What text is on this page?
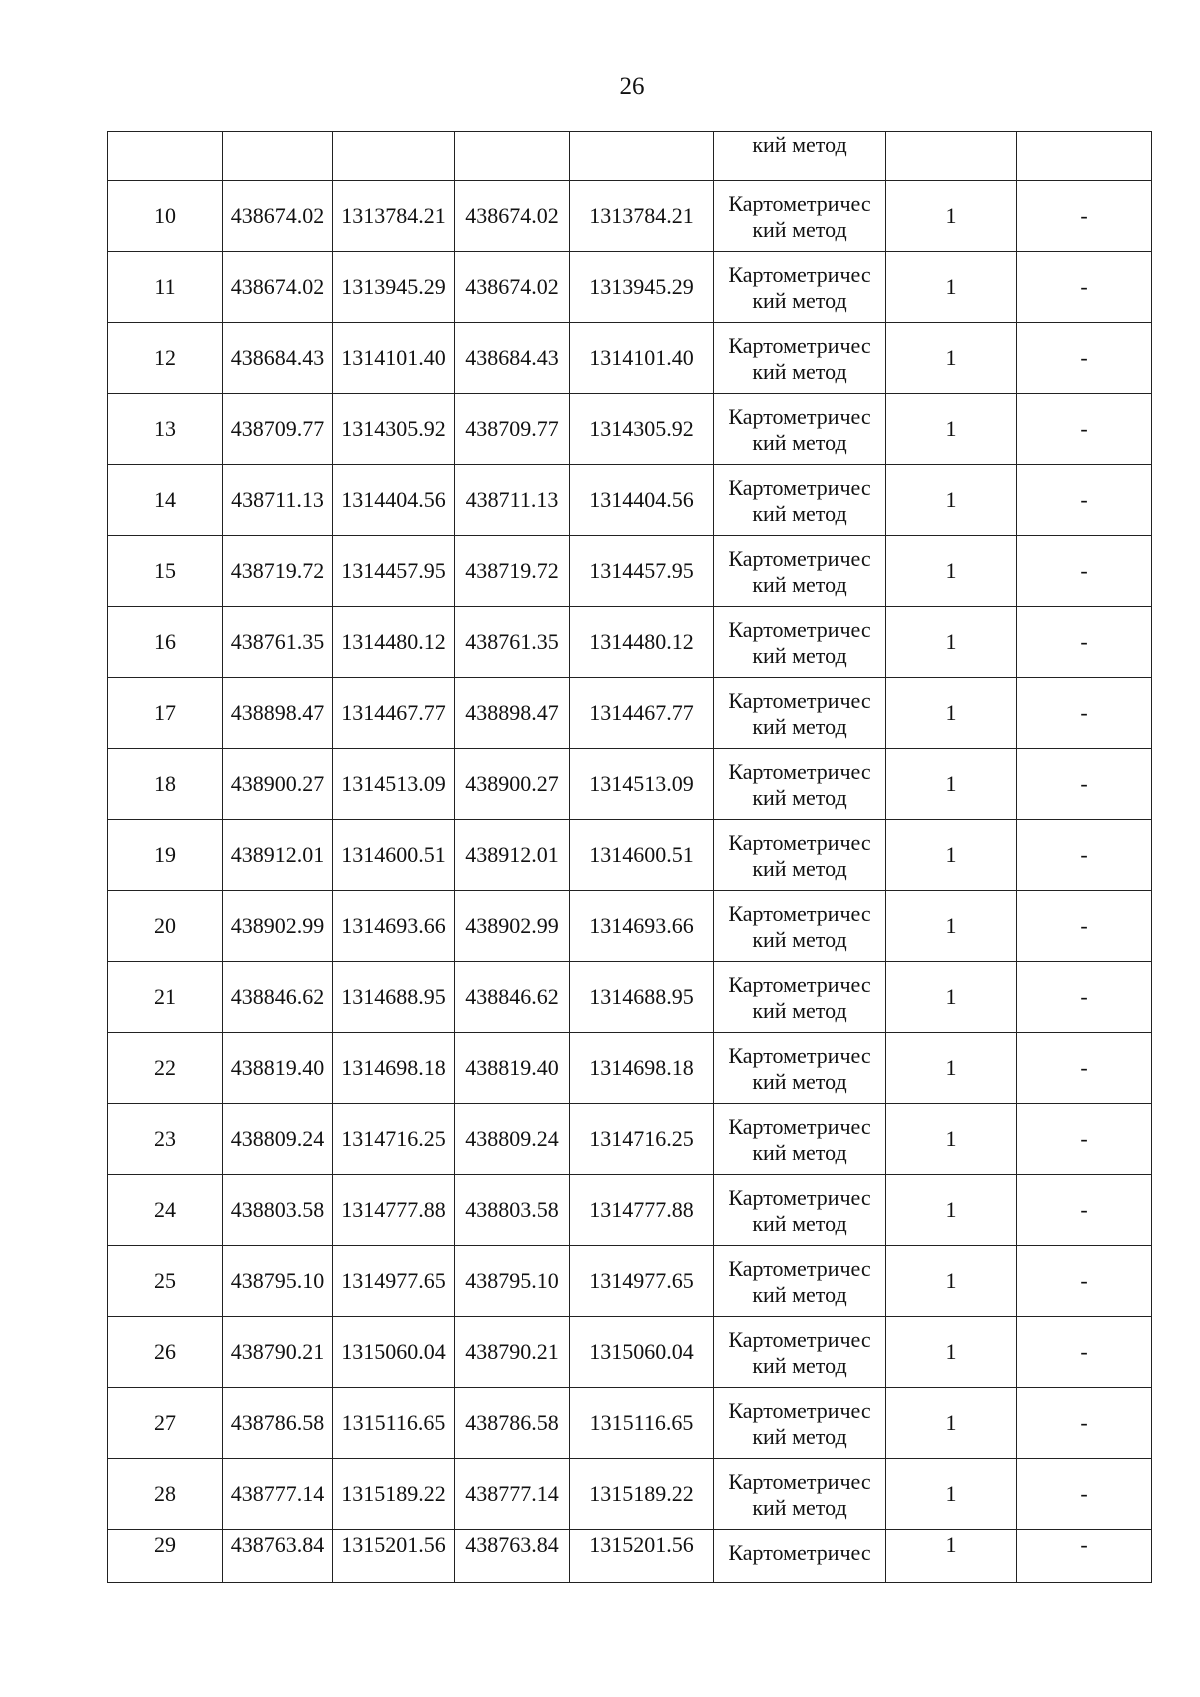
26

					кий метод		

10	438674.02	1313784.21	438674.02	1313784.21	Картометричес
кий метод	1	-
11	438674.02	1313945.29	438674.02	1313945.29	Картометричес
кий метод	1	-
12	438684.43	1314101.40	438684.43	1314101.40	Картометричес
кий метод	1	-
13	438709.77	1314305.92	438709.77	1314305.92	Картометричес
кий метод	1	-
14	438711.13	1314404.56	438711.13	1314404.56	Картометричес
кий метод	1	-
15	438719.72	1314457.95	438719.72	1314457.95	Картометричес
кий метод	1	-
16	438761.35	1314480.12	438761.35	1314480.12	Картометричес
кий метод	1	-
17	438898.47	1314467.77	438898.47	1314467.77	Картометричес
кий метод	1	-
18	438900.27	1314513.09	438900.27	1314513.09	Картометричес
кий метод	1	-
19	438912.01	1314600.51	438912.01	1314600.51	Картометричес
кий метод	1	-
20	438902.99	1314693.66	438902.99	1314693.66	Картометричес
кий метод	1	-
21	438846.62	1314688.95	438846.62	1314688.95	Картометричес
кий метод	1	-
22	438819.40	1314698.18	438819.40	1314698.18	Картометричес
кий метод	1	-
23	438809.24	1314716.25	438809.24	1314716.25	Картометричес
кий метод	1	-
24	438803.58	1314777.88	438803.58	1314777.88	Картометричес
кий метод	1	-
25	438795.10	1314977.65	438795.10	1314977.65	Картометричес
кий метод	1	-
26	438790.21	1315060.04	438790.21	1315060.04	Картометричес
кий метод	1	-
27	438786.58	1315116.65	438786.58	1315116.65	Картометричес
кий метод	1	-
28	438777.14	1315189.22	438777.14	1315189.22	Картометричес
кий метод	1	-
29	438763.84	1315201.56	438763.84	1315201.56	Картометричес	1	-
